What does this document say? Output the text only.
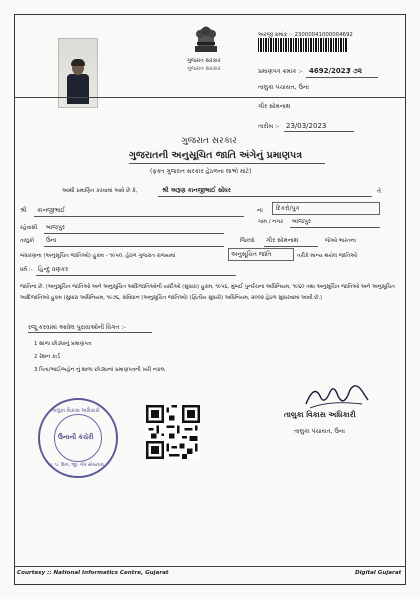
ગુજરાત સરકાર
ગુજરાત સરકાર
અરજી ક્રમાંક :- 23000041000004692
પ્રમાણપત્ર ક્રમાંક :- 4692/2023
/ ૭૨
તાલુકા પંચાયત, ઉના
ગીર સોમનાથ
તારીખ :- 23/03/2023
ગુજરાત સરકાર
ગુજરાતની અનુસૂચિત જાતિ અંગેનું પ્રમાણપત્ર
(ફક્ત ગુજરાત સરકાર હેઠળના લાભો માટે)
આથી પ્રમાણિત કરવામાં આવે છે કે,	શ્રી અરૂણ કાનજીભાઈ સોંધર	તે
શ્રી કાનજીભાઈ	ના દિકરો/પુત્ર
રહેવાસી બાજપુર
ગામ / નગર બાજપુર
તાલુકો ઉના	જિલ્લો ગીર સોમનાથ	જેઓ ભારતના
બંધારણના (અનુસૂચિત જાતિઓ) હુકમ - ૧૯૫૦, હેઠળ ગુજરાત રાજ્યમાં	અનુસૂચિત જાતિ	તરીકે માન્ય થયેલ જાતિઓ
ધર્મ :- હિન્દુ વણકર
જાતિના છે. (અનુસૂચિત જાતિઓ અને અનુસૂચિત આદિજાતિઓની યાદીઓ (સુધારા) હુકમ, ૧૯૫૬, મુંબઈ પુનર્રચના અધિનિયમ, ૧૯૬૦ તથા અનુસૂચિત જાતિઓ અને અનુસૂચિત આદિજાતિઓ હુકમ (સુધારા અધિનિયમ, ૧૯૭૬, સંવિધાન (અનુસૂચિત જાતિઓ) (દ્વિતીય સુધારો) અધિનિયમ, ૨૦૦૨ હેઠળ સુધારવામાં આવી છે.)
રજૂ કરવામાં આવેલ પુરાવાઓની વિગત :-
1 શાળા છોડ્યાનું પ્રમાણપત્ર
2 રેશન કાર્ડ
3 પિતા/ભાઈ/બહેન નું શાળા છોડ્યાનાં પ્રમાણપત્રની ખરી નકલ
તાલુકા વિકાસ અધિકારી
ઉનાની કચેરી
તા. પં. ઉના, જી. ગીર સોમનાથ
તાલુકા વિકાસ અધિકારી
તાલુકા પંચાયત, ઉના
Courtesy :: National Informatics Centre, Gujarat	Digital Gujarat
